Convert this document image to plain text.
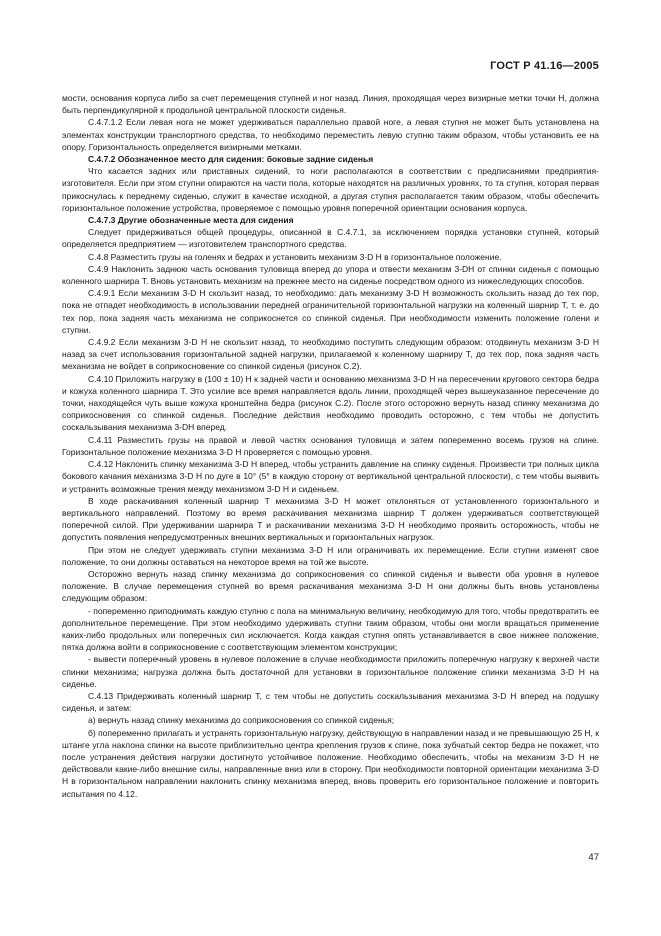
ГОСТ Р 41.16—2005

мости, основания корпуса либо за счет перемещения ступней и ног назад. Линия, проходящая через визирные метки точки H, должна быть перпендикулярной к продольной центральной плоскости сиденья.

С.4.7.1.2 Если левая нога не может удерживаться параллельно правой ноге, а левая ступня не может быть установлена на элементах конструкции транспортного средства, то необходимо переместить левую ступню таким образом, чтобы установить ее на опору. Горизонтальность определяется визирными метками.

С.4.7.2 Обозначенное место для сидения: боковые задние сиденья

Что касается задних или приставных сидений, то ноги располагаются в соответствии с предписаниями предприятия-изготовителя. Если при этом ступни опираются на части пола, которые находятся на различных уровнях, то та ступня, которая первая прикоснулась к переднему сиденью, служит в качестве исходной, а другая ступня располагается таким образом, чтобы обеспечить горизонтальное положение устройства, проверяемое с помощью уровня поперечной ориентации основания корпуса.

С.4.7.3 Другие обозначенные места для сидения

Следует придерживаться общей процедуры, описанной в С.4.7.1, за исключением порядка установки ступней, который определяется предприятием — изготовителем транспортного средства.

С.4.8 Разместить грузы на голенях и бедрах и установить механизм 3-D H в горизонтальное положение.

С.4.9 Наклонить заднюю часть основания туловища вперед до упора и отвести механизм 3-DH от спинки сиденья с помощью коленного шарнира T. Вновь установить механизм на прежнее место на сиденье посредством одного из нижеследующих способов.

С.4.9.1 Если механизм 3-D H скользит назад, то необходимо: дать механизму 3-D H возможность скользить назад до тех пор, пока не отпадет необходимость в использовании передней ограничительной горизонтальной нагрузки на коленный шарнир T, т. е. до тех пор, пока задняя часть механизма не соприкоснется со спинкой сиденья. При необходимости изменить положение голени и ступни.

С.4.9.2 Если механизм 3-D H не скользит назад, то необходимо поступить следующим образом: отодвинуть механизм 3-D H назад за счет использования горизонтальной задней нагрузки, прилагаемой к коленному шарниру T, до тех пор, пока задняя часть механизма не войдет в соприкосновение со спинкой сиденья (рисунок С.2).

С.4.10 Приложить нагрузку в (100 ± 10) Н к задней части и основанию механизма 3-D H на пересечении кругового сектора бедра и кожуха коленного шарнира T. Это усилие все время направляется вдоль линии, проходящей через вышеуказанное пересечение до точки, находящейся чуть выше кожуха кронштейна бедра (рисунок С.2). После этого осторожно вернуть назад спинку механизма до соприкосновения со спинкой сиденья. Последние действия необходимо проводить осторожно, с тем чтобы не допустить соскальзывания механизма 3-DH вперед.

С.4.11 Разместить грузы на правой и левой частях основания туловища и затем попеременно восемь грузов на спине. Горизонтальное положение механизма 3-D H проверяется с помощью уровня.

С.4.12 Наклонить спинку механизма 3-D H вперед, чтобы устранить давление на спинку сиденья. Произвести три полных цикла бокового качания механизма 3-D H по дуге в 10° (5° в каждую сторону от вертикальной центральной плоскости), с тем чтобы выявить и устранить возможные трения между механизмом 3-D H и сиденьем.

В ходе раскачивания коленный шарнир T механизма 3-D H может отклоняться от установленного горизонтального и вертикального направлений. Поэтому во время раскачивания механизма шарнир T должен удерживаться соответствующей поперечной силой. При удерживании шарнира T и раскачивании механизма 3-D H необходимо проявить осторожность, чтобы не допустить появления непредусмотренных внешних вертикальных и горизонтальных нагрузок.

При этом не следует удерживать ступни механизма 3-D H или ограничивать их перемещение. Если ступни изменят свое положение, то они должны оставаться на некоторое время на той же высоте.

Осторожно вернуть назад спинку механизма до соприкосновения со спинкой сиденья и вывести оба уровня в нулевое положение. В случае перемещения ступней во время раскачивания механизма 3-D H они должны быть вновь установлены следующим образом:

- попеременно приподнимать каждую ступню с пола на минимальную величину, необходимую для того, чтобы предотвратить ее дополнительное перемещение. При этом необходимо удерживать ступни таким образом, чтобы они могли вращаться применение каких-либо продольных или поперечных сил исключается. Когда каждая ступня опять устанавливается в свое нижнее положение, пятка должна войти в соприкосновение с соответствующим элементом конструкции;

- вывести поперечный уровень в нулевое положение в случае необходимости приложить поперечную нагрузку к верхней части спинки механизма; нагрузка должна быть достаточной для установки в горизонтальное положение спинки механизма 3-D H на сиденье.

С.4.13 Придерживать коленный шарнир T, с тем чтобы не допустить соскальзывания механизма 3-D H вперед на подушку сиденья, и затем:

а) вернуть назад спинку механизма до соприкосновения со спинкой сиденья;

б) попеременно прилагать и устранять горизонтальную нагрузку, действующую в направлении назад и не превышающую 25 Н, к штанге угла наклона спинки на высоте приблизительно центра крепления грузов к спине, пока зубчатый сектор бедра не покажет, что после устранения действия нагрузки достигнуто устойчивое положение. Необходимо обеспечить, чтобы на механизм 3-D H не действовали какие-либо внешние силы, направленные вниз или в сторону. При необходимости повторной ориентации механизма 3-D H в горизонтальном направлении наклонить спинку механизма вперед, вновь проверить его горизонтальное положение и повторить испытания по 4.12.

47
